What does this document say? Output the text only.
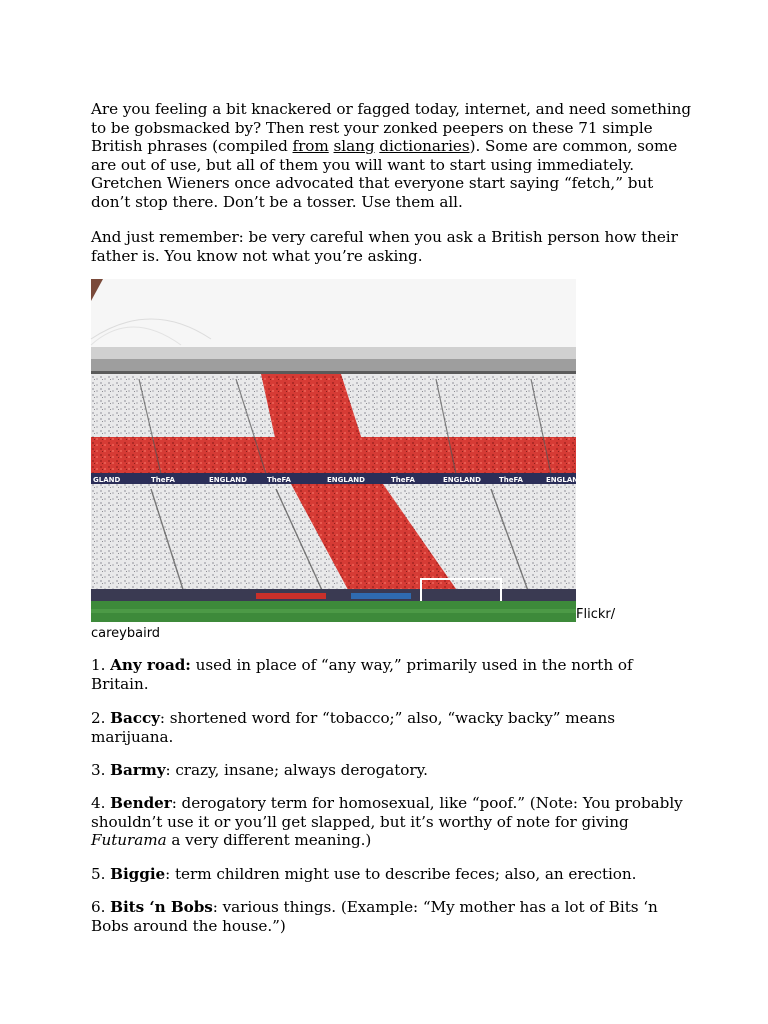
Are you feeling a bit knackered or fagged today, internet, and need something to be gobsmacked by? Then rest your zonked peepers on these 71 simple British phrases (compiled from slang dictionaries). Some are common, some are out of use, but all of them you will want to start using immediately. Gretchen Wieners once advocated that everyone start saying “fetch,” but don’t stop there. Don’t be a tosser. Use them all.

And just remember: be very careful when you ask a British person how their father is. You know not what you’re asking.

GLAND	TheFA	ENGLAND	TheFA	ENGLAND	TheFA	ENGLAND	TheFA	ENGLAND
Flickr/
careybaird

1. Any road: used in place of “any way,” primarily used in the north of Britain.

2. Baccy: shortened word for “tobacco;” also, “wacky backy” means marijuana.

3. Barmy: crazy, insane; always derogatory.

4. Bender: derogatory term for homosexual, like “poof.” (Note: You probably shouldn’t use it or you’ll get slapped, but it’s worthy of note for giving Futurama a very different meaning.)

5. Biggie: term children might use to describe feces; also, an erection.

6. Bits ‘n Bobs: various things. (Example: “My mother has a lot of Bits ‘n Bobs around the house.”)
